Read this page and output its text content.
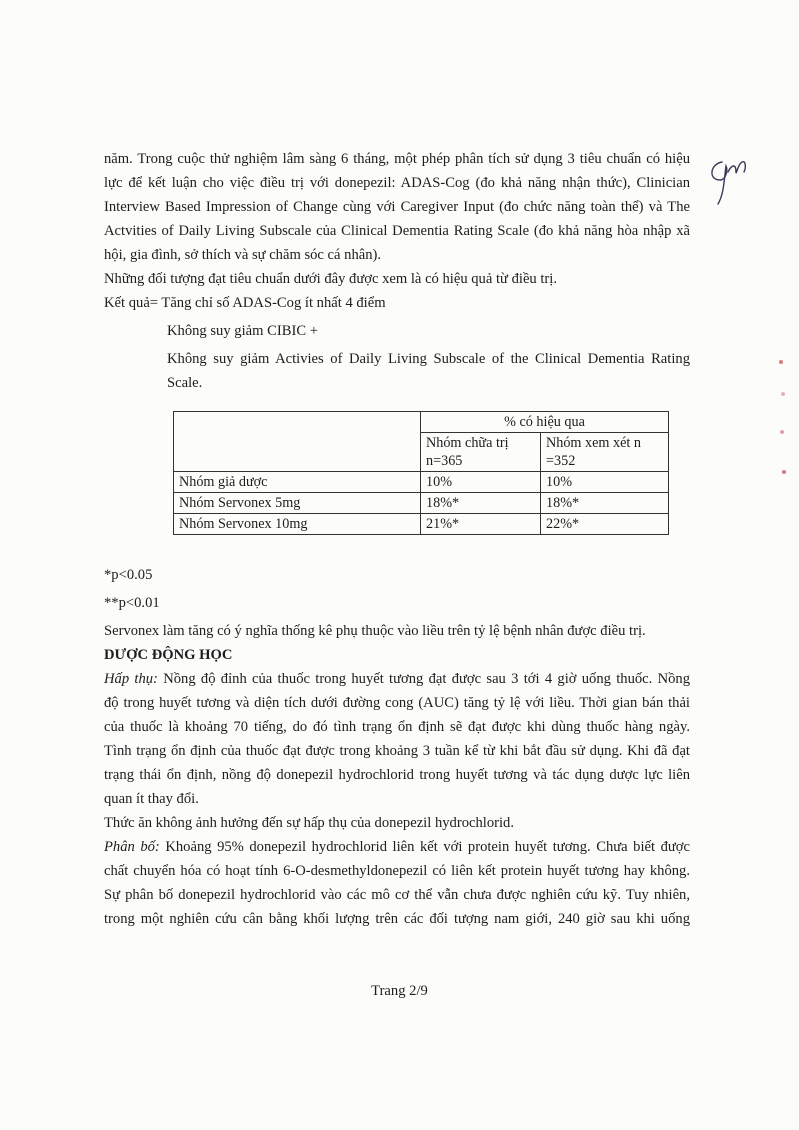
năm. Trong cuộc thử nghiệm lâm sàng 6 tháng, một phép phân tích sử dụng 3 tiêu chuẩn có hiệu

lực để kết luận cho việc điều trị với donepezil: ADAS-Cog (đo khả năng nhận thức), Clinician

Interview Based Impression of Change cùng với Caregiver Input (đo chức năng toàn thể) và The

Actvities of Daily Living Subscale của Clinical Dementia Rating Scale (đo khả năng hòa nhập xã

hội, gia đình, sở thích và sự chăm sóc cá nhân).

Những đối tượng đạt tiêu chuẩn dưới đây được xem là có hiệu quả từ điều trị.

Kết quả= Tăng chỉ số ADAS-Cog ít nhất 4 điểm

Không suy giảm CIBIC +

Không suy giảm Activies of Daily Living Subscale of the Clinical Dementia Rating

Scale.

	% có hiệu qua	
	Nhóm chữa trị n=365	Nhóm xem xét n =352
Nhóm giả dược	10%	10%
Nhóm Servonex 5mg	18%*	18%*
Nhóm Servonex 10mg	21%*	22%*

*p<0.05

**p<0.01

Servonex làm tăng có ý nghĩa thống kê phụ thuộc vào liều trên tỷ lệ bệnh nhân được điều trị.

DƯỢC ĐỘNG HỌC

Hấp thụ: Nồng độ đỉnh của thuốc trong huyết tương đạt được sau 3 tới 4 giờ uống thuốc. Nồng

độ trong huyết tương và diện tích dưới đường cong (AUC) tăng tỷ lệ với liều. Thời gian bán thải

của thuốc là khoảng 70 tiếng, do đó tình trạng ổn định sẽ đạt được khi dùng thuốc hàng ngày.

Tình trạng ổn định của thuốc đạt được trong khoảng 3 tuần kể từ khi bắt đầu sử dụng. Khi đã đạt

trạng thái ổn định, nồng độ donepezil hydrochlorid trong huyết tương và tác dụng dược lực liên

quan ít thay đổi.

Thức ăn không ảnh hưởng đến sự hấp thụ của donepezil hydrochlorid.

Phân bố: Khoảng 95% donepezil hydrochlorid liên kết với protein huyết tương. Chưa biết được

chất chuyển hóa có hoạt tính 6-O-desmethyldonepezil có liên kết protein huyết tương hay không.

Sự phân bố donepezil hydrochlorid vào các mô cơ thể vẫn chưa được nghiên cứu kỹ. Tuy nhiên,

trong một nghiên cứu cân bằng khối lượng trên các đối tượng nam giới, 240 giờ sau khi uống

Trang 2/9
